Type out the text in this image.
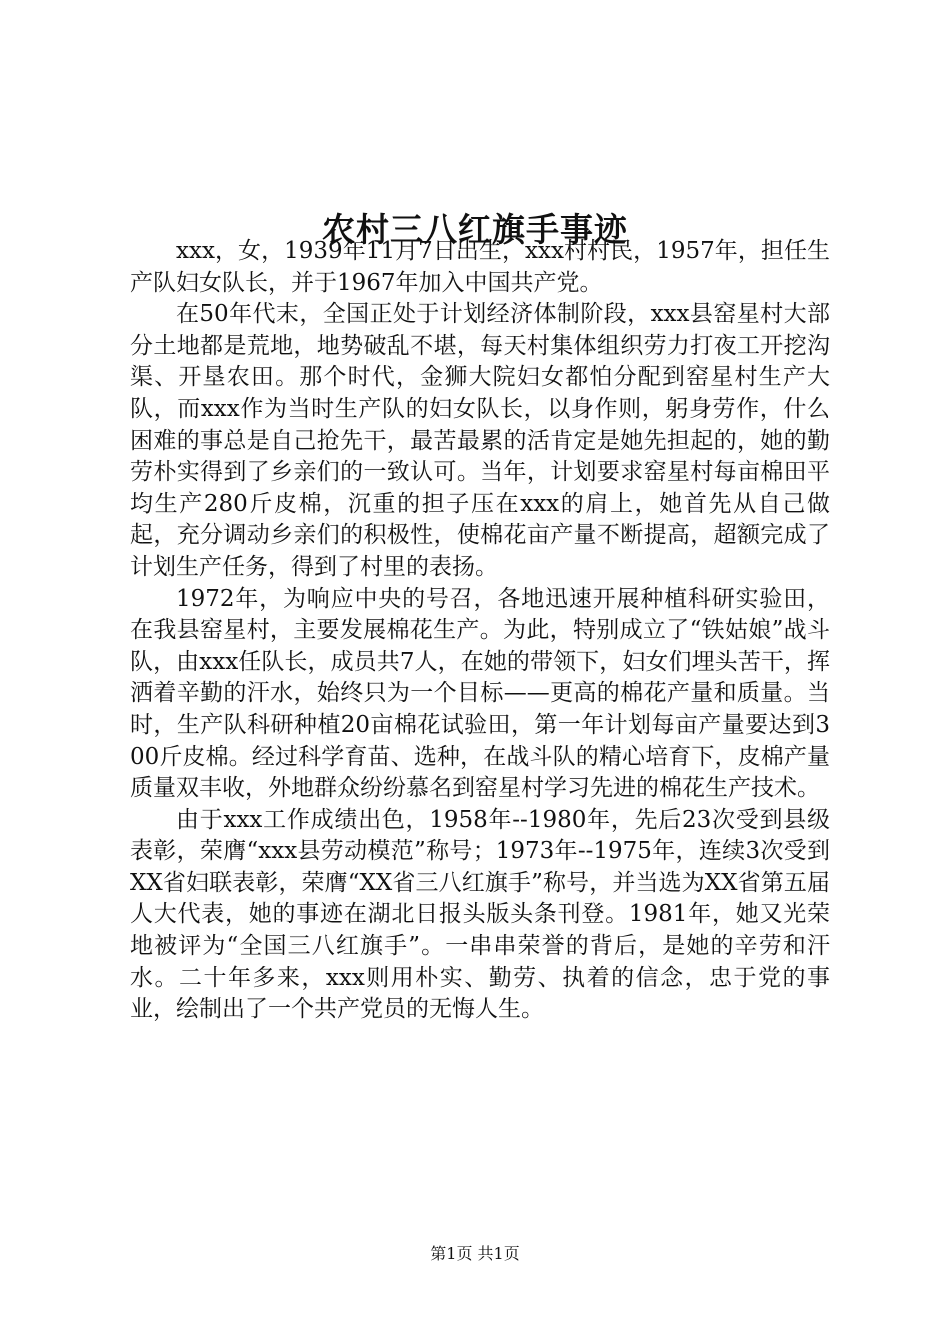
农村三八红旗手事迹

xxx，女，1939年11月7日出生，xxx村村民，1957年，担任生产队妇女队长，并于1967年加入中国共产党。

在50年代末，全国正处于计划经济体制阶段，xxx县窑星村大部分土地都是荒地，地势破乱不堪，每天村集体组织劳力打夜工开挖沟渠、开垦农田。那个时代，金狮大院妇女都怕分配到窑星村生产大队，而xxx作为当时生产队的妇女队长，以身作则，躬身劳作，什么困难的事总是自己抢先干，最苦最累的活肯定是她先担起的，她的勤劳朴实得到了乡亲们的一致认可。当年，计划要求窑星村每亩棉田平均生产280斤皮棉，沉重的担子压在xxx的肩上，她首先从自己做起，充分调动乡亲们的积极性，使棉花亩产量不断提高，超额完成了计划生产任务，得到了村里的表扬。

1972年，为响应中央的号召，各地迅速开展种植科研实验田，在我县窑星村，主要发展棉花生产。为此，特别成立了“铁姑娘”战斗队，由xxx任队长，成员共7人，在她的带领下，妇女们埋头苦干，挥洒着辛勤的汗水，始终只为一个目标——更高的棉花产量和质量。当时，生产队科研种植20亩棉花试验田，第一年计划每亩产量要达到300斤皮棉。经过科学育苗、选种，在战斗队的精心培育下，皮棉产量质量双丰收，外地群众纷纷慕名到窑星村学习先进的棉花生产技术。

由于xxx工作成绩出色，1958年--1980年，先后23次受到县级表彰，荣膺“xxx县劳动模范”称号；1973年--1975年，连续3次受到XX省妇联表彰，荣膺“XX省三八红旗手”称号，并当选为XX省第五届人大代表，她的事迹在湖北日报头版头条刊登。1981年，她又光荣地被评为“全国三八红旗手”。一串串荣誉的背后，是她的辛劳和汗水。二十年多来，xxx则用朴实、勤劳、执着的信念，忠于党的事业，绘制出了一个共产党员的无悔人生。

第1页 共1页
